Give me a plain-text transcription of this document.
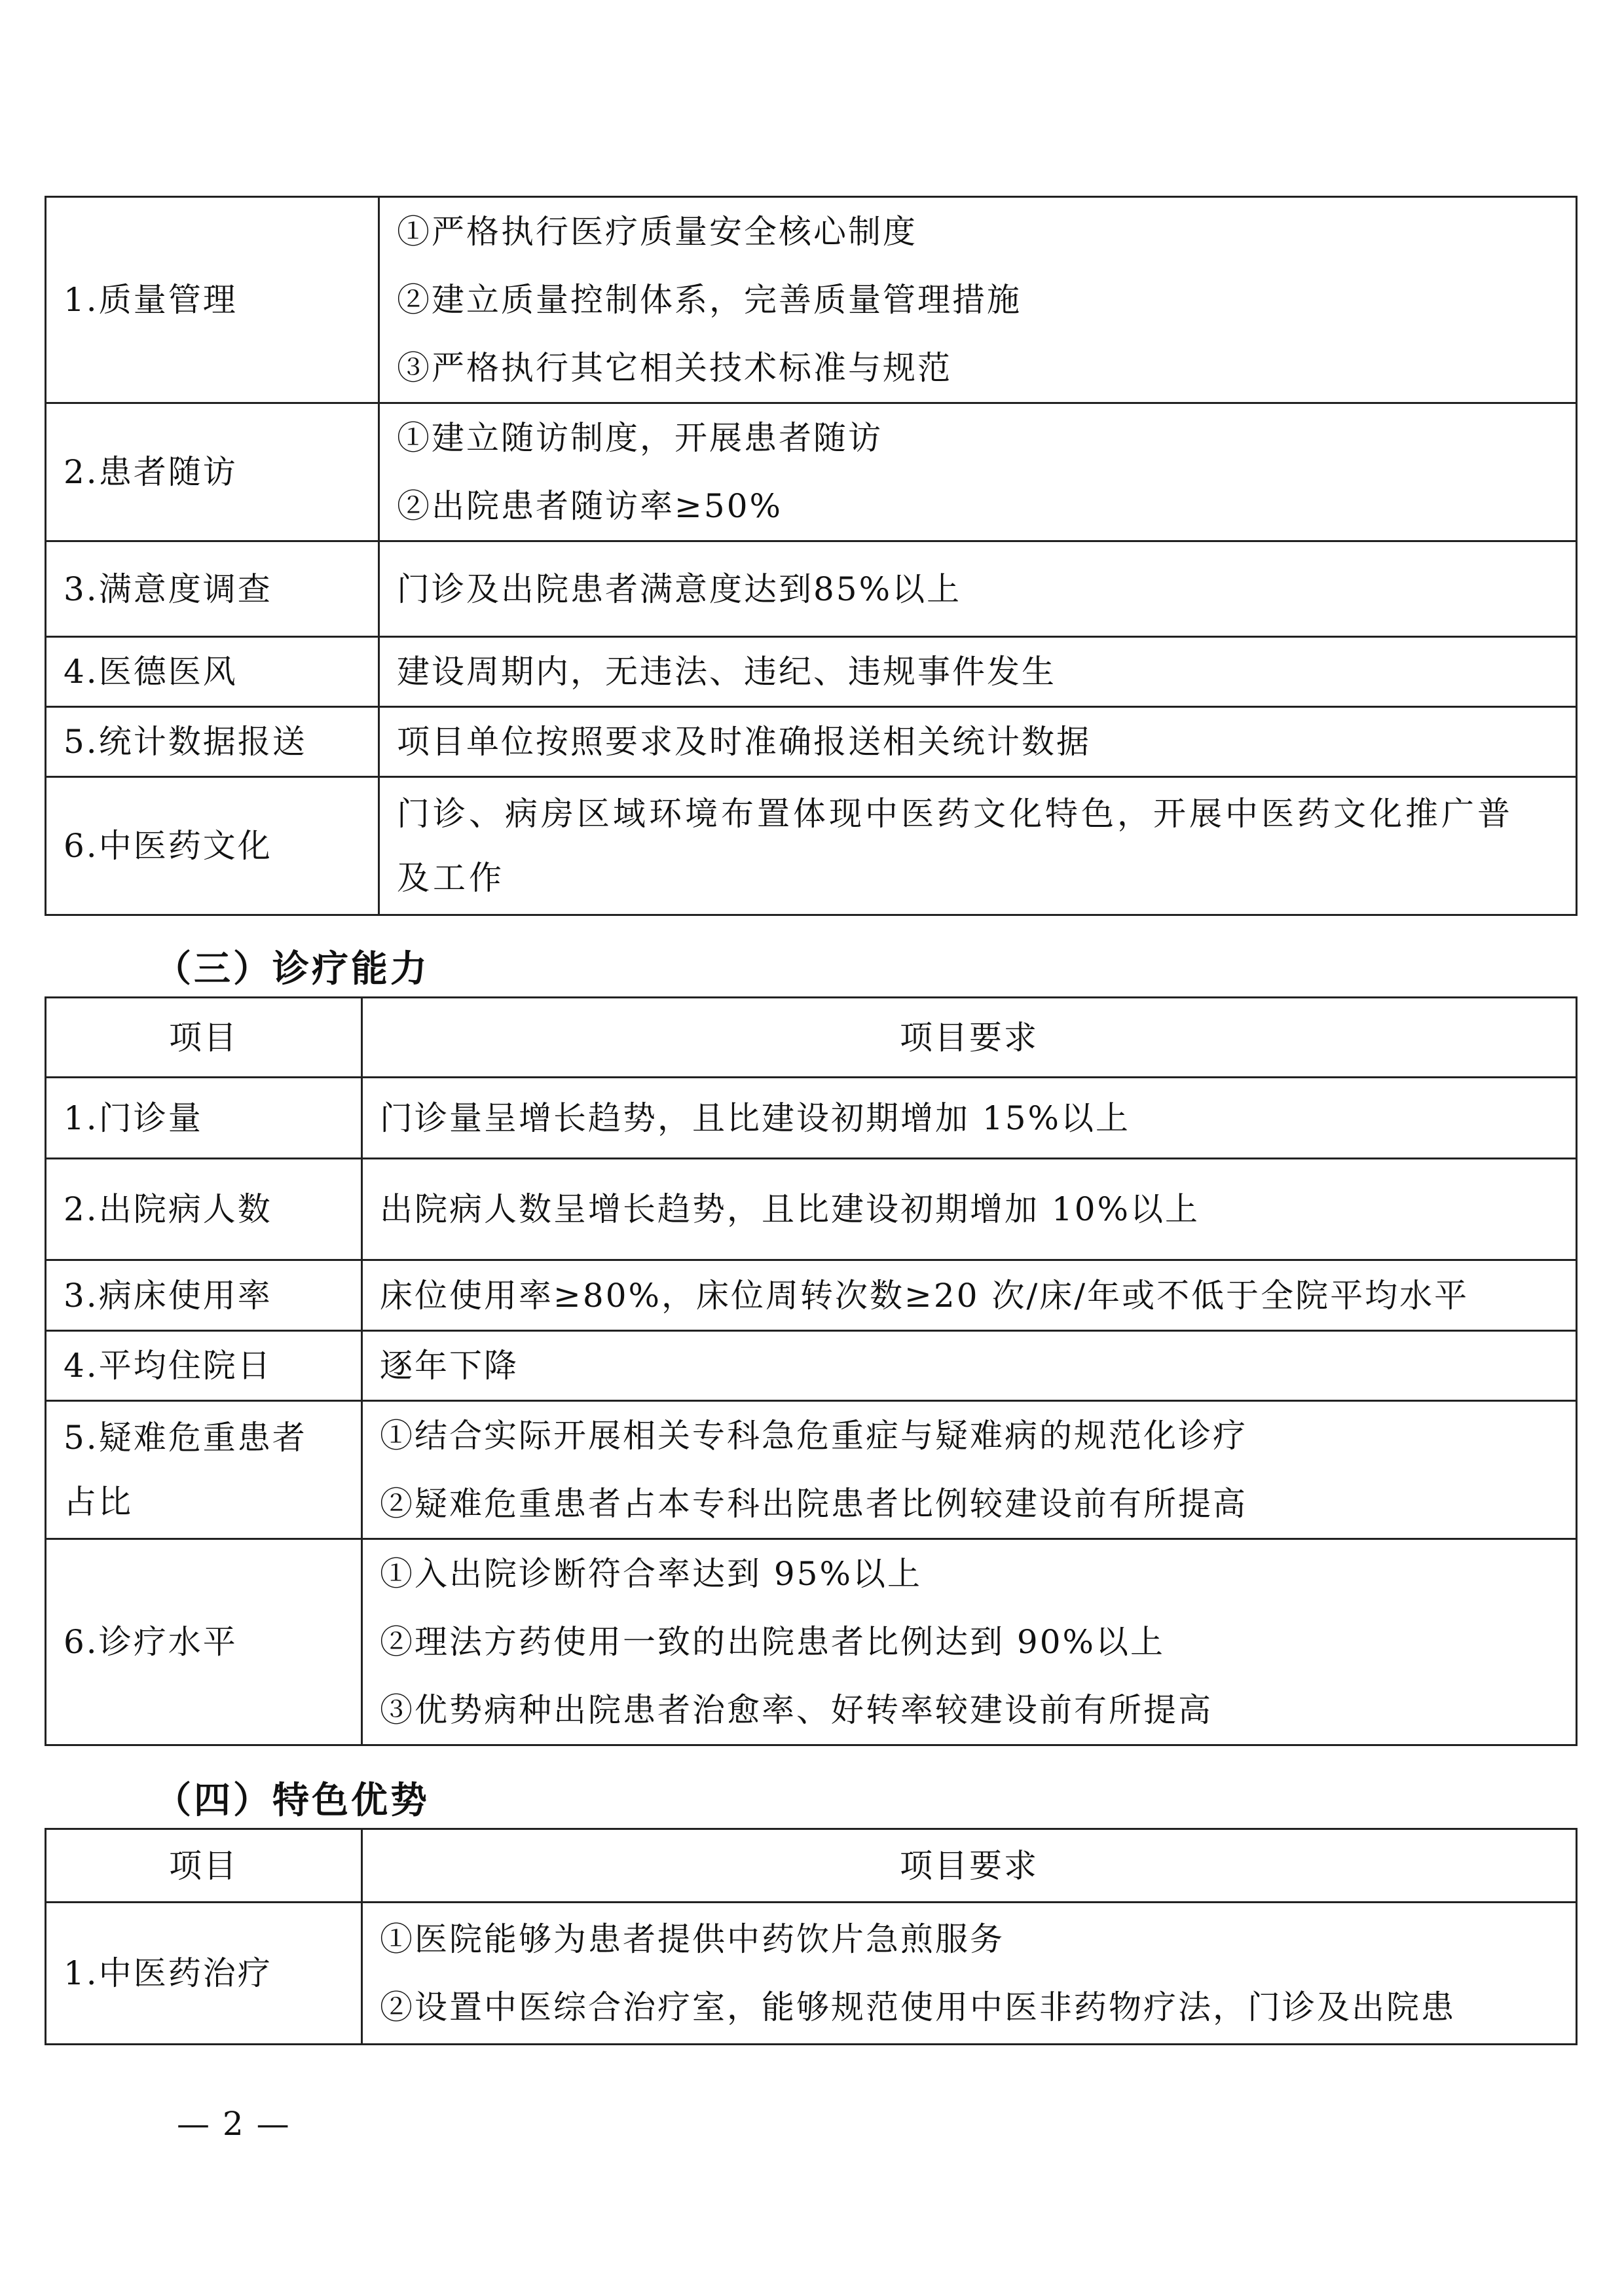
1.质量管理	①严格执行医疗质量安全核心制度
②建立质量控制体系，完善质量管理措施
③严格执行其它相关技术标准与规范

2.患者随访	①建立随访制度，开展患者随访
②出院患者随访率≥50%

3.满意度调查	门诊及出院患者满意度达到85%以上

4.医德医风	建设周期内，无违法、违纪、违规事件发生

5.统计数据报送	项目单位按照要求及时准确报送相关统计数据

6.中医药文化	门诊、病房区域环境布置体现中医药文化特色，开展中医药文化推广普
及工作
（三）诊疗能力
项目	项目要求
1.门诊量	门诊量呈增长趋势，且比建设初期增加 15%以上

2.出院病人数	出院病人数呈增长趋势，且比建设初期增加 10%以上

3.病床使用率	床位使用率≥80%，床位周转次数≥20 次/床/年或不低于全院平均水平

4.平均住院日	逐年下降

5.疑难危重患者
占比	①结合实际开展相关专科急危重症与疑难病的规范化诊疗
②疑难危重患者占本专科出院患者比例较建设前有所提高

6.诊疗水平	①入出院诊断符合率达到 95%以上
②理法方药使用一致的出院患者比例达到 90%以上
③优势病种出院患者治愈率、好转率较建设前有所提高
（四）特色优势
项目	项目要求
1.中医药治疗	①医院能够为患者提供中药饮片急煎服务
②设置中医综合治疗室，能够规范使用中医非药物疗法，门诊及出院患
— 2 —
